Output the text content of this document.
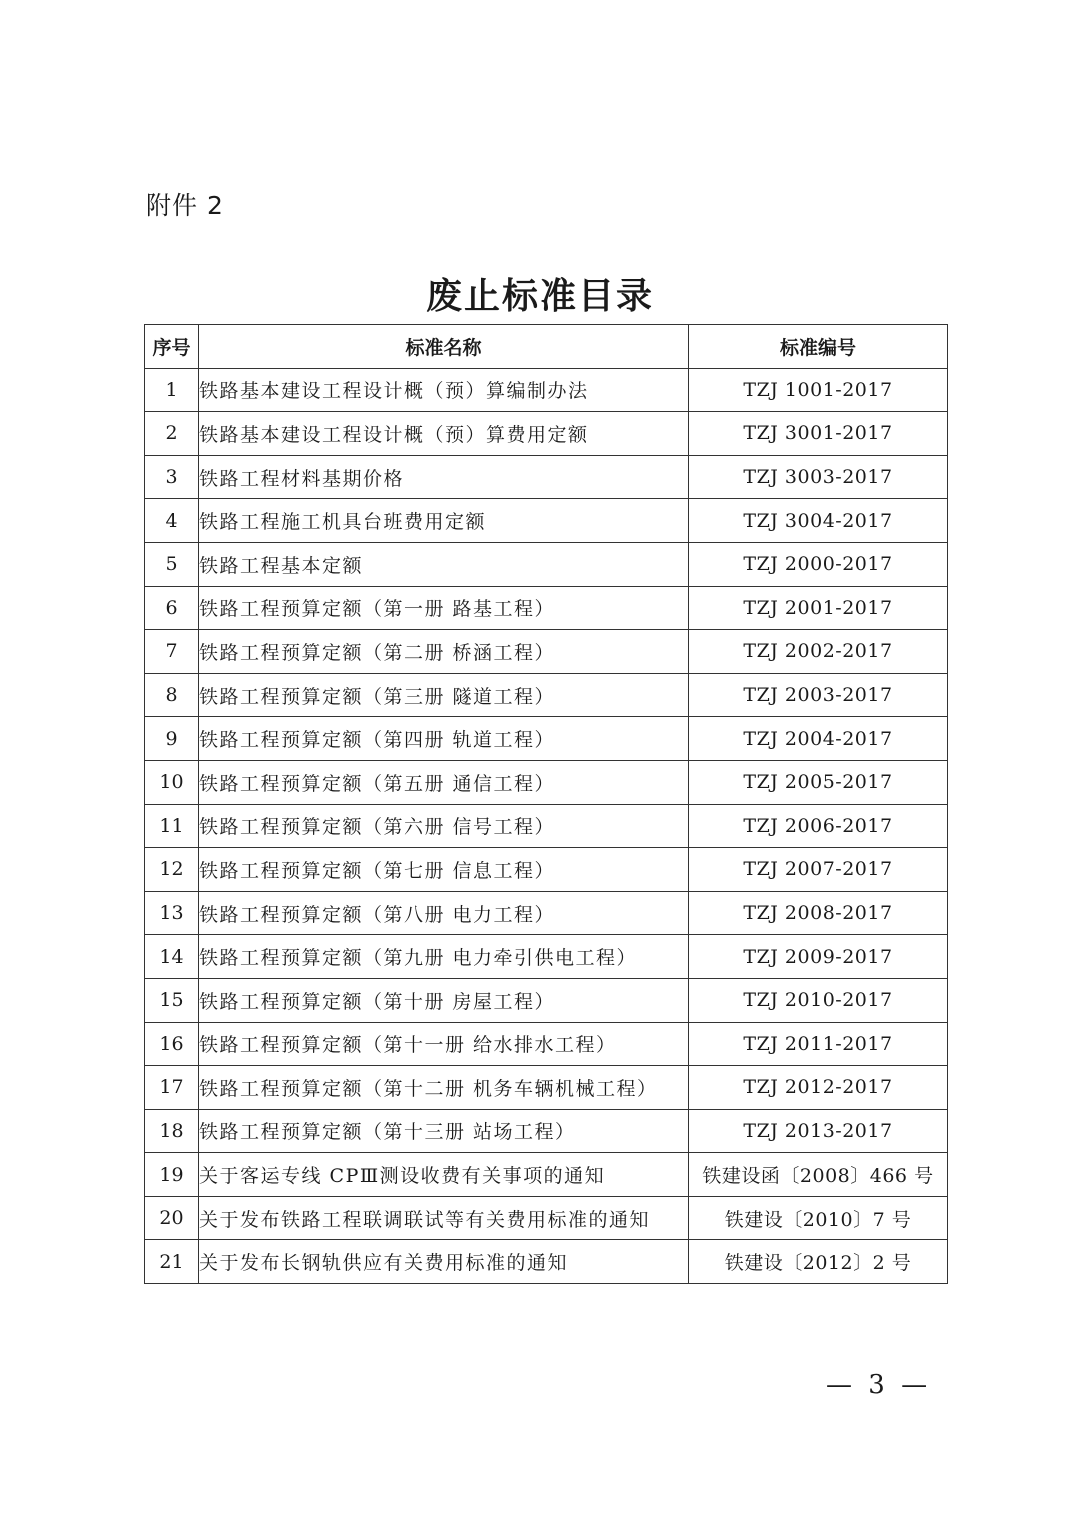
附件 2
废止标准目录
序号	标准名称	标准编号
1	铁路基本建设工程设计概（预）算编制办法	TZJ 1001-2017
2	铁路基本建设工程设计概（预）算费用定额	TZJ 3001-2017
3	铁路工程材料基期价格	TZJ 3003-2017
4	铁路工程施工机具台班费用定额	TZJ 3004-2017
5	铁路工程基本定额	TZJ 2000-2017
6	铁路工程预算定额（第一册 路基工程）	TZJ 2001-2017
7	铁路工程预算定额（第二册 桥涵工程）	TZJ 2002-2017
8	铁路工程预算定额（第三册 隧道工程）	TZJ 2003-2017
9	铁路工程预算定额（第四册 轨道工程）	TZJ 2004-2017
10	铁路工程预算定额（第五册 通信工程）	TZJ 2005-2017
11	铁路工程预算定额（第六册 信号工程）	TZJ 2006-2017
12	铁路工程预算定额（第七册 信息工程）	TZJ 2007-2017
13	铁路工程预算定额（第八册 电力工程）	TZJ 2008-2017
14	铁路工程预算定额（第九册 电力牵引供电工程）	TZJ 2009-2017
15	铁路工程预算定额（第十册 房屋工程）	TZJ 2010-2017
16	铁路工程预算定额（第十一册 给水排水工程）	TZJ 2011-2017
17	铁路工程预算定额（第十二册 机务车辆机械工程）	TZJ 2012-2017
18	铁路工程预算定额（第十三册 站场工程）	TZJ 2013-2017
19	关于客运专线 CPⅢ测设收费有关事项的通知	铁建设函〔2008〕466 号
20	关于发布铁路工程联调联试等有关费用标准的通知	铁建设〔2010〕7 号
21	关于发布长钢轨供应有关费用标准的通知	铁建设〔2012〕2 号
— 3 —
